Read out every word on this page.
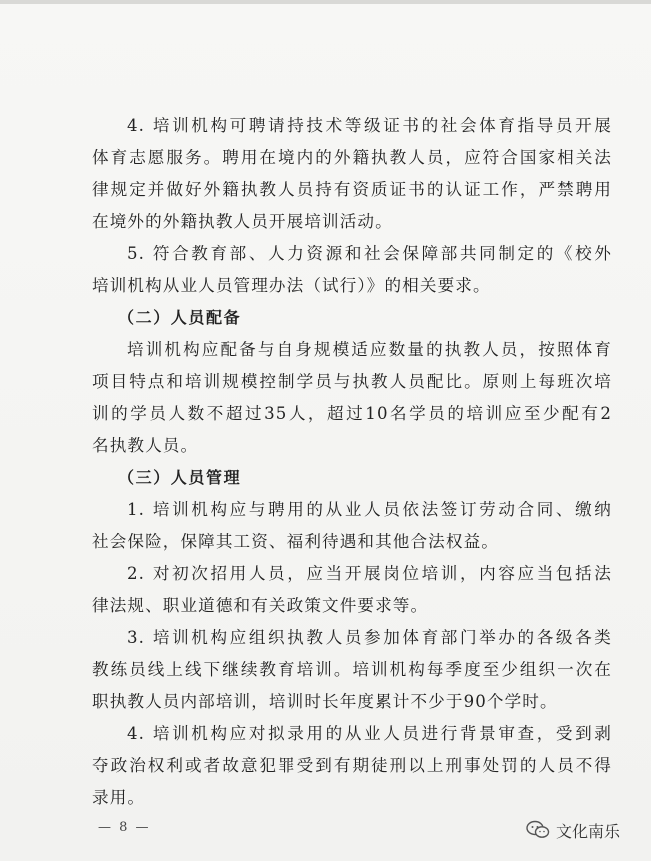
4. 培训机构可聘请持技术等级证书的社会体育指导员开展
体育志愿服务。聘用在境内的外籍执教人员，应符合国家相关法
律规定并做好外籍执教人员持有资质证书的认证工作，严禁聘用
在境外的外籍执教人员开展培训活动。
5. 符合教育部、人力资源和社会保障部共同制定的《校外
培训机构从业人员管理办法（试行）》的相关要求。
（二）人员配备
培训机构应配备与自身规模适应数量的执教人员，按照体育
项目特点和培训规模控制学员与执教人员配比。原则上每班次培
训的学员人数不超过35人，超过10名学员的培训应至少配有2
名执教人员。
（三）人员管理
1. 培训机构应与聘用的从业人员依法签订劳动合同、缴纳
社会保险，保障其工资、福利待遇和其他合法权益。
2. 对初次招用人员，应当开展岗位培训，内容应当包括法
律法规、职业道德和有关政策文件要求等。
3. 培训机构应组织执教人员参加体育部门举办的各级各类
教练员线上线下继续教育培训。培训机构每季度至少组织一次在
职执教人员内部培训，培训时长年度累计不少于90个学时。
4. 培训机构应对拟录用的从业人员进行背景审查，受到剥
夺政治权利或者故意犯罪受到有期徒刑以上刑事处罚的人员不得
录用。
— 8 —	文化南乐
